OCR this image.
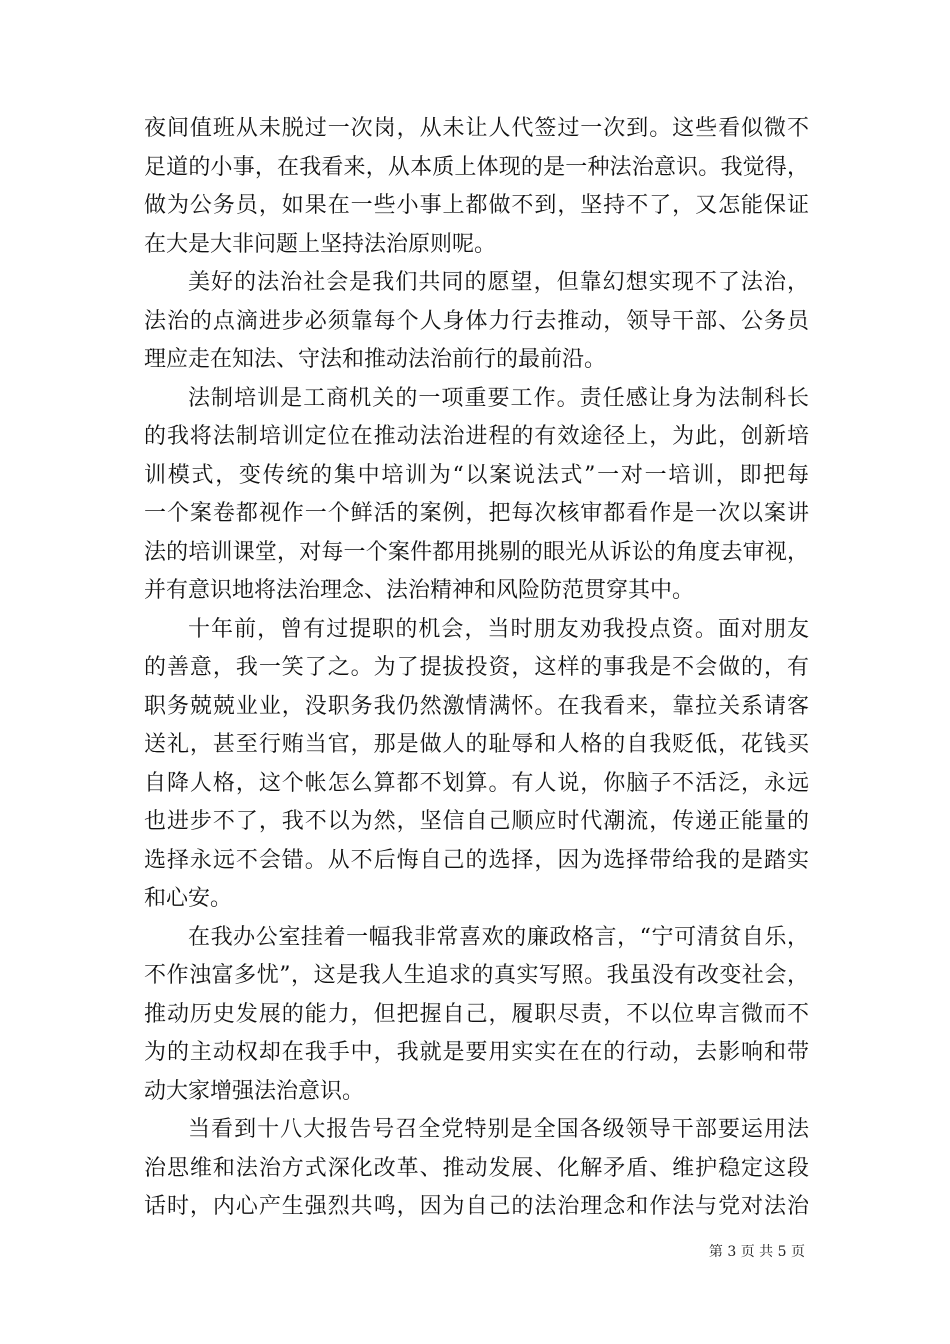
夜间值班从未脱过一次岗，从未让人代签过一次到。这些看似微不
足道的小事，在我看来，从本质上体现的是一种法治意识。我觉得，
做为公务员，如果在一些小事上都做不到，坚持不了，又怎能保证
在大是大非问题上坚持法治原则呢。
美好的法治社会是我们共同的愿望，但靠幻想实现不了法治，
法治的点滴进步必须靠每个人身体力行去推动，领导干部、公务员
理应走在知法、守法和推动法治前行的最前沿。
法制培训是工商机关的一项重要工作。责任感让身为法制科长
的我将法制培训定位在推动法治进程的有效途径上，为此，创新培
训模式，变传统的集中培训为“以案说法式”一对一培训，即把每
一个案卷都视作一个鲜活的案例，把每次核审都看作是一次以案讲
法的培训课堂，对每一个案件都用挑剔的眼光从诉讼的角度去审视，
并有意识地将法治理念、法治精神和风险防范贯穿其中。
十年前，曾有过提职的机会，当时朋友劝我投点资。面对朋友
的善意，我一笑了之。为了提拔投资，这样的事我是不会做的，有
职务兢兢业业，没职务我仍然激情满怀。在我看来，靠拉关系请客
送礼，甚至行贿当官，那是做人的耻辱和人格的自我贬低，花钱买
自降人格，这个帐怎么算都不划算。有人说，你脑子不活泛，永远
也进步不了，我不以为然，坚信自己顺应时代潮流，传递正能量的
选择永远不会错。从不后悔自己的选择，因为选择带给我的是踏实
和心安。
在我办公室挂着一幅我非常喜欢的廉政格言，“宁可清贫自乐，
不作浊富多忧”，这是我人生追求的真实写照。我虽没有改变社会，
推动历史发展的能力，但把握自己，履职尽责，不以位卑言微而不
为的主动权却在我手中，我就是要用实实在在的行动，去影响和带
动大家增强法治意识。
当看到十八大报告号召全党特别是全国各级领导干部要运用法
治思维和法治方式深化改革、推动发展、化解矛盾、维护稳定这段
话时，内心产生强烈共鸣，因为自己的法治理念和作法与党对法治
第 3 页 共 5 页
